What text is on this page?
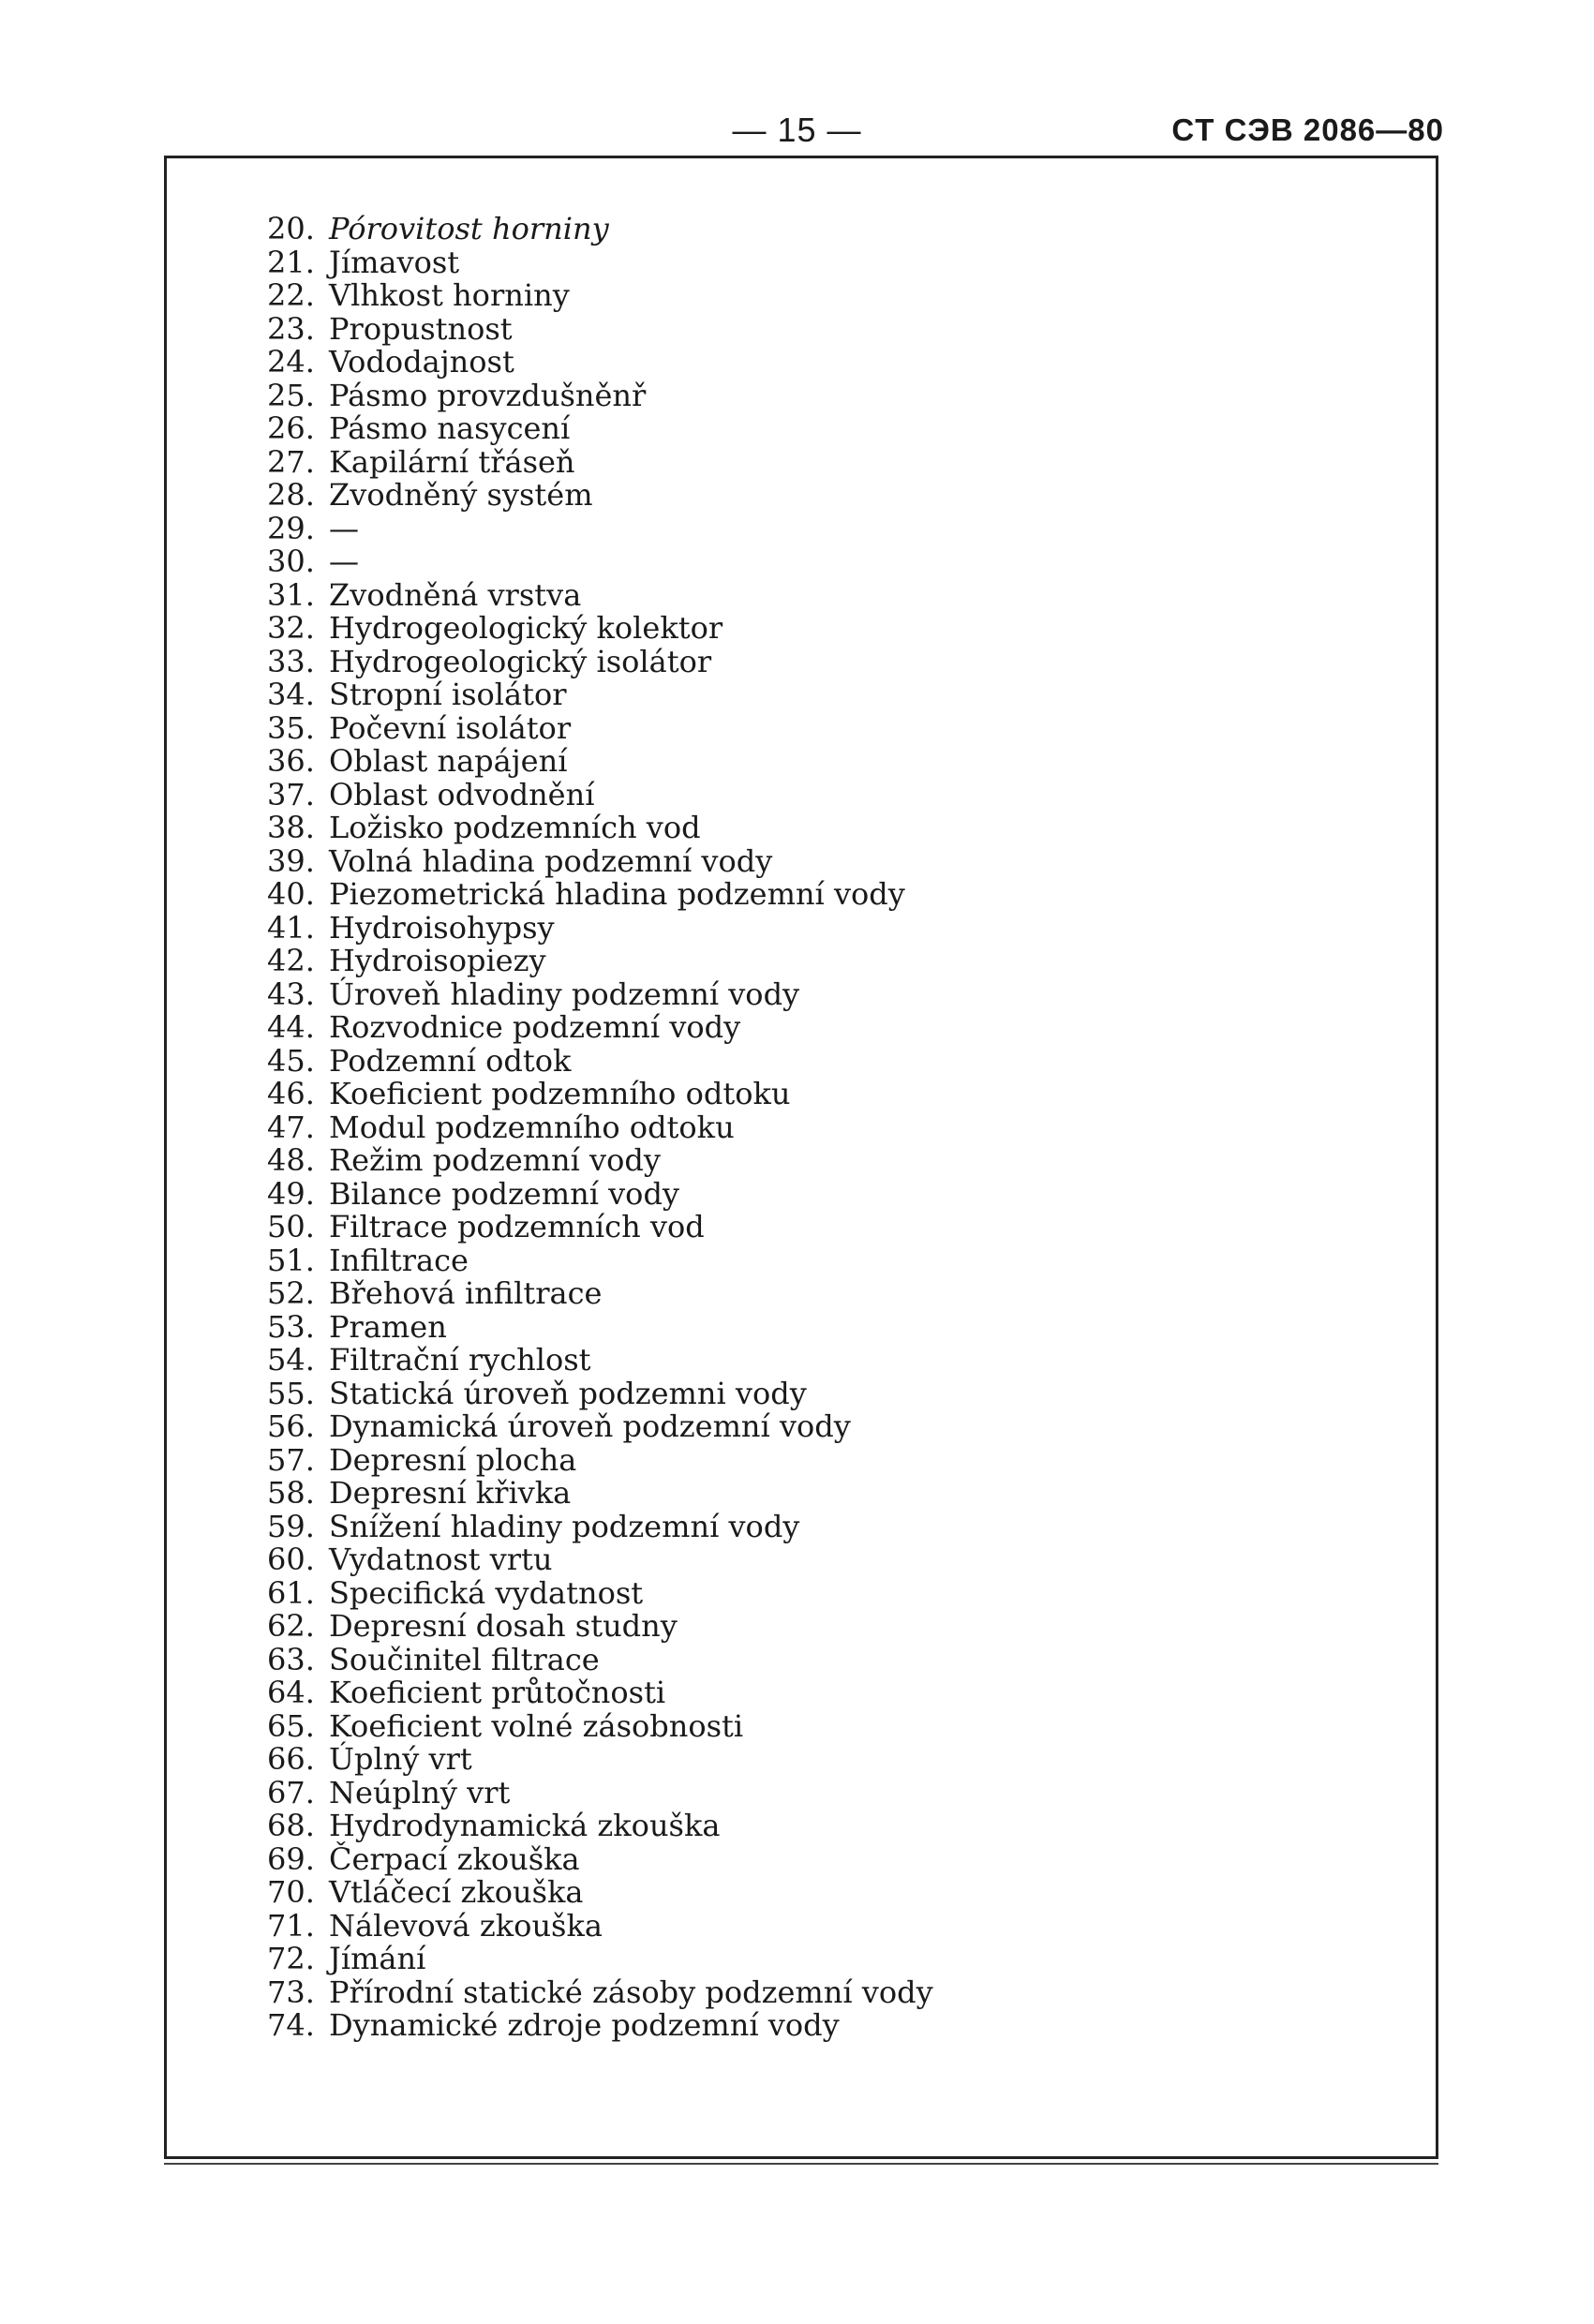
— 15 —	CT CЭB 2086—80
20. Pórovitost horniny
21. Jímavost
22. Vlhkost horniny
23. Propustnost
24. Vododajnost
25. Pásmo provzdušněnř
26. Pásmo nasycení
27. Kapilární třáseň
28. Zvodněný systém
29. —
30. —
31. Zvodněná vrstva
32. Hydrogeologický kolektor
33. Hydrogeologický isolátor
34. Stropní isolátor
35. Počevní isolátor
36. Oblast napájení
37. Oblast odvodnění
38. Ložisko podzemních vod
39. Volná hladina podzemní vody
40. Piezometrická hladina podzemní vody
41. Hydroisohypsy
42. Hydroisopiezy
43. Úroveň hladiny podzemní vody
44. Rozvodnice podzemní vody
45. Podzemní odtok
46. Koeficient podzemního odtoku
47. Modul podzemního odtoku
48. Režim podzemní vody
49. Bilance podzemní vody
50. Filtrace podzemních vod
51. Infiltrace
52. Břehová infiltrace
53. Pramen
54. Filtrační rychlost
55. Statická úroveň podzemni vody
56. Dynamická úroveň podzemní vody
57. Depresní plocha
58. Depresní křivka
59. Snížení hladiny podzemní vody
60. Vydatnost vrtu
61. Specifická vydatnost
62. Depresní dosah studny
63. Součinitel filtrace
64. Koeficient průtočnosti
65. Koeficient volné zásobnosti
66. Úplný vrt
67. Neúplný vrt
68. Hydrodynamická zkouška
69. Čerpací zkouška
70. Vtláčecí zkouška
71. Nálevová zkouška
72. Jímání
73. Přírodní statické zásoby podzemní vody
74. Dynamické zdroje podzemní vody
